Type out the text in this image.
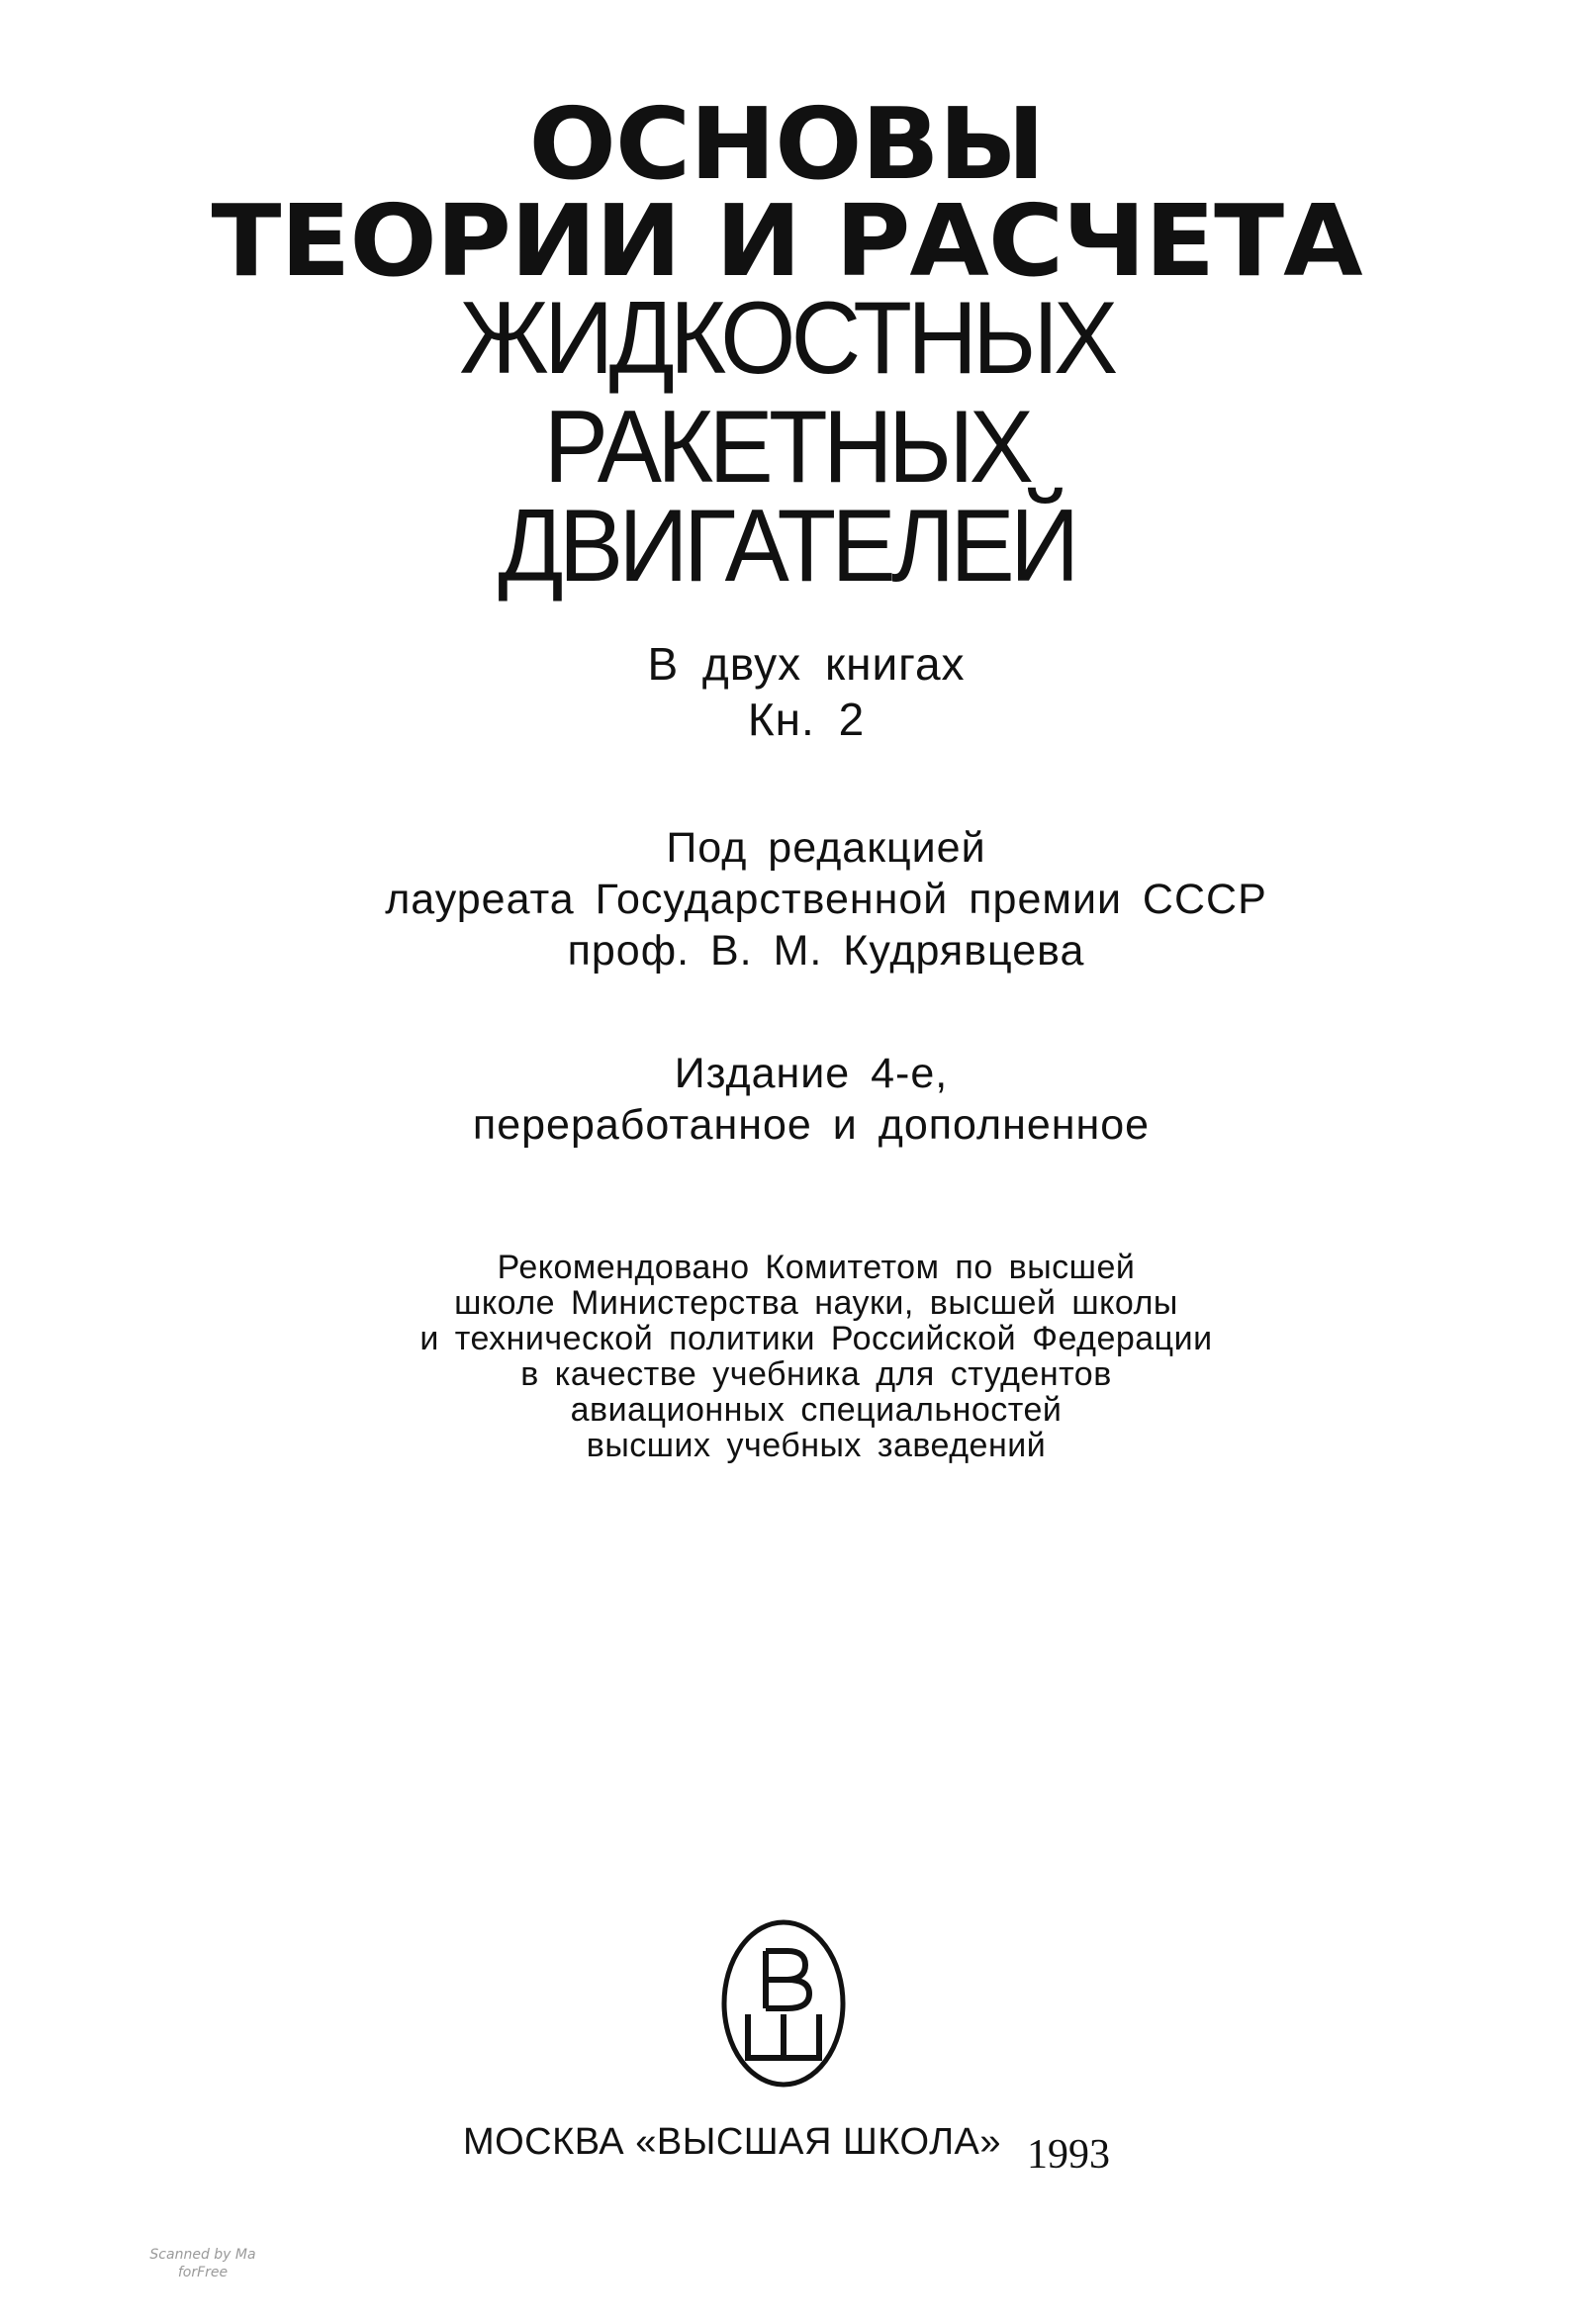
ОСНОВЫ
ТЕОРИИ И РАСЧЕТА
ЖИДКОСТНЫХ
РАКЕТНЫХ
ДВИГАТЕЛЕЙ
В двух книгах
Кн. 2
Под редакцией
лауреата Государственной премии СССР
проф. В. М. Кудрявцева
Издание 4-е,
переработанное и дополненное
Рекомендовано Комитетом по высшей
школе Министерства науки, высшей школы
и технической политики Российской Федерации
в качестве учебника для студентов
авиационных специальностей
высших учебных заведений
МОСКВА «ВЫСШАЯ ШКОЛА» 1993
Scanned by Ma
forFree
